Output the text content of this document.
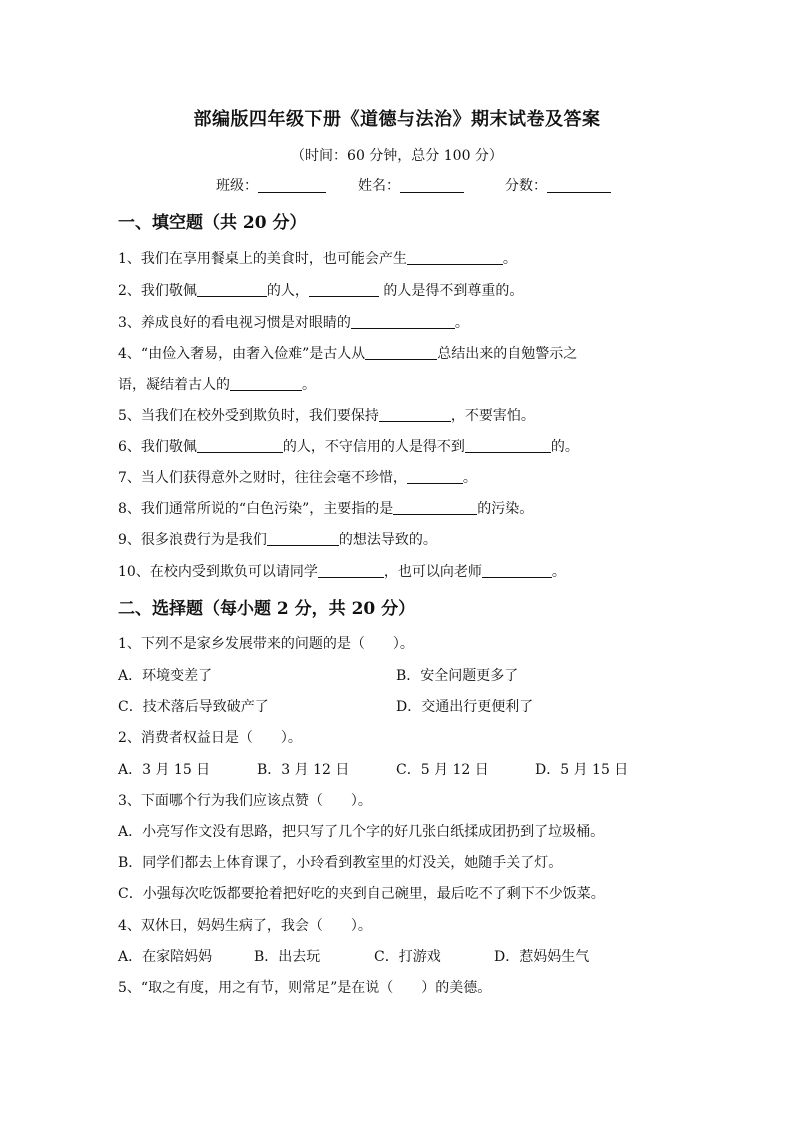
部编版四年级下册《道德与法治》期末试卷及答案
（时间：60 分钟，总分 100 分）
班级：	姓名：	分数：
一、填空题（共 20 分）
1、我们在享用餐桌上的美食时，也可能会产生	。
2、我们敬佩	的人，	的人是得不到尊重的。
3、养成良好的看电视习惯是对眼睛的	。
4、“由俭入奢易，由奢入俭难”是古人从	总结出来的自勉警示之
语，凝结着古人的	。
5、当我们在校外受到欺负时，我们要保持	，不要害怕。
6、我们敬佩	的人，不守信用的人是得不到	的。
7、当人们获得意外之财时，往往会毫不珍惜，	。
8、我们通常所说的“白色污染”，主要指的是	的污染。
9、很多浪费行为是我们	的想法导致的。
10、在校内受到欺负可以请同学	，也可以向老师	。
二、选择题（每小题 2 分，共 20 分）
1、下列不是家乡发展带来的问题的是（　　）。
A．环境变差了	B．安全问题更多了
C．技术落后导致破产了	D．交通出行更便利了
2、消费者权益日是（　　）。
A．3 月 15 日	B．3 月 12 日	C．5 月 12 日	D．5 月 15 日
3、下面哪个行为我们应该点赞（　　）。
A．小亮写作文没有思路，把只写了几个字的好几张白纸揉成团扔到了垃圾桶。
B．同学们都去上体育课了，小玲看到教室里的灯没关，她随手关了灯。
C．小强每次吃饭都要抢着把好吃的夹到自己碗里，最后吃不了剩下不少饭菜。
4、双休日，妈妈生病了，我会（　　）。
A．在家陪妈妈	B．出去玩	C．打游戏	D．惹妈妈生气
5、“取之有度，用之有节，则常足”是在说（　　）的美德。
